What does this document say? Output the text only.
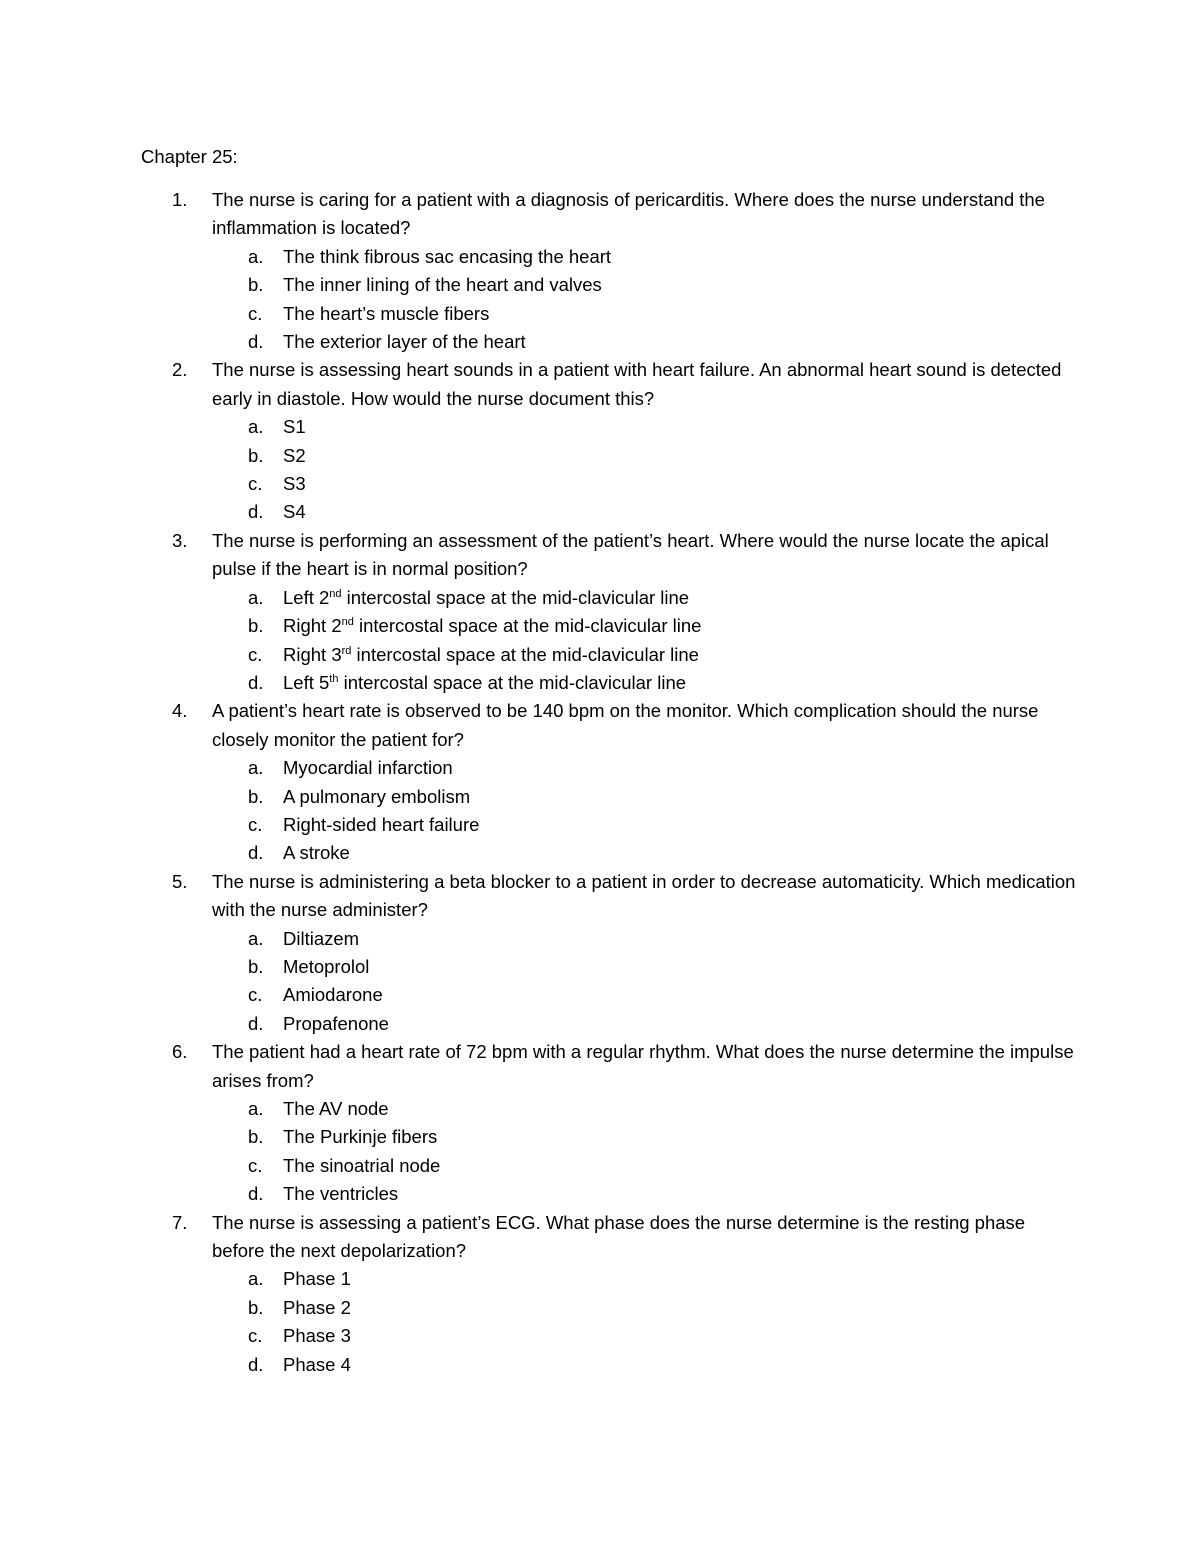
Chapter 25:
1. The nurse is caring for a patient with a diagnosis of pericarditis. Where does the nurse understand the inflammation is located?
a. The think fibrous sac encasing the heart
b. The inner lining of the heart and valves
c. The heart’s muscle fibers
d. The exterior layer of the heart
2. The nurse is assessing heart sounds in a patient with heart failure. An abnormal heart sound is detected early in diastole. How would the nurse document this?
a. S1
b. S2
c. S3
d. S4
3. The nurse is performing an assessment of the patient’s heart. Where would the nurse locate the apical pulse if the heart is in normal position?
a. Left 2nd intercostal space at the mid-clavicular line
b. Right 2nd intercostal space at the mid-clavicular line
c. Right 3rd intercostal space at the mid-clavicular line
d. Left 5th intercostal space at the mid-clavicular line
4. A patient’s heart rate is observed to be 140 bpm on the monitor. Which complication should the nurse closely monitor the patient for?
a. Myocardial infarction
b. A pulmonary embolism
c. Right-sided heart failure
d. A stroke
5. The nurse is administering a beta blocker to a patient in order to decrease automaticity. Which medication with the nurse administer?
a. Diltiazem
b. Metoprolol
c. Amiodarone
d. Propafenone
6. The patient had a heart rate of 72 bpm with a regular rhythm. What does the nurse determine the impulse arises from?
a. The AV node
b. The Purkinje fibers
c. The sinoatrial node
d. The ventricles
7. The nurse is assessing a patient’s ECG. What phase does the nurse determine is the resting phase before the next depolarization?
a. Phase 1
b. Phase 2
c. Phase 3
d. Phase 4
